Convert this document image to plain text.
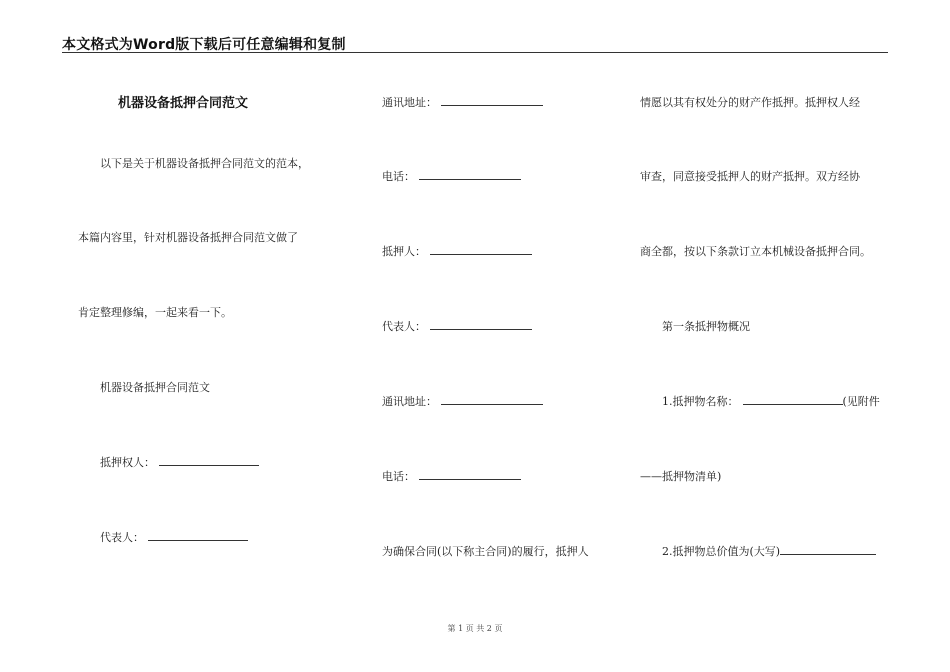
本文格式为Word版下载后可任意编辑和复制
机器设备抵押合同范文
以下是关于机器设备抵押合同范文的范本，
本篇内容里，针对机器设备抵押合同范文做了
肯定整理修编，一起来看一下。
机器设备抵押合同范文
抵押权人：
代表人：
通讯地址：
电话：
抵押人：
代表人：
通讯地址：
电话：
为确保合同(以下称主合同)的履行，抵押人
情愿以其有权处分的财产作抵押。抵押权人经
审查，同意接受抵押人的财产抵押。双方经协
商全都，按以下条款订立本机械设备抵押合同。
第一条抵押物概况
1.抵押物名称：	(见附件
——抵押物清单)
2.抵押物总价值为(大写)
第 1 页 共 2 页
